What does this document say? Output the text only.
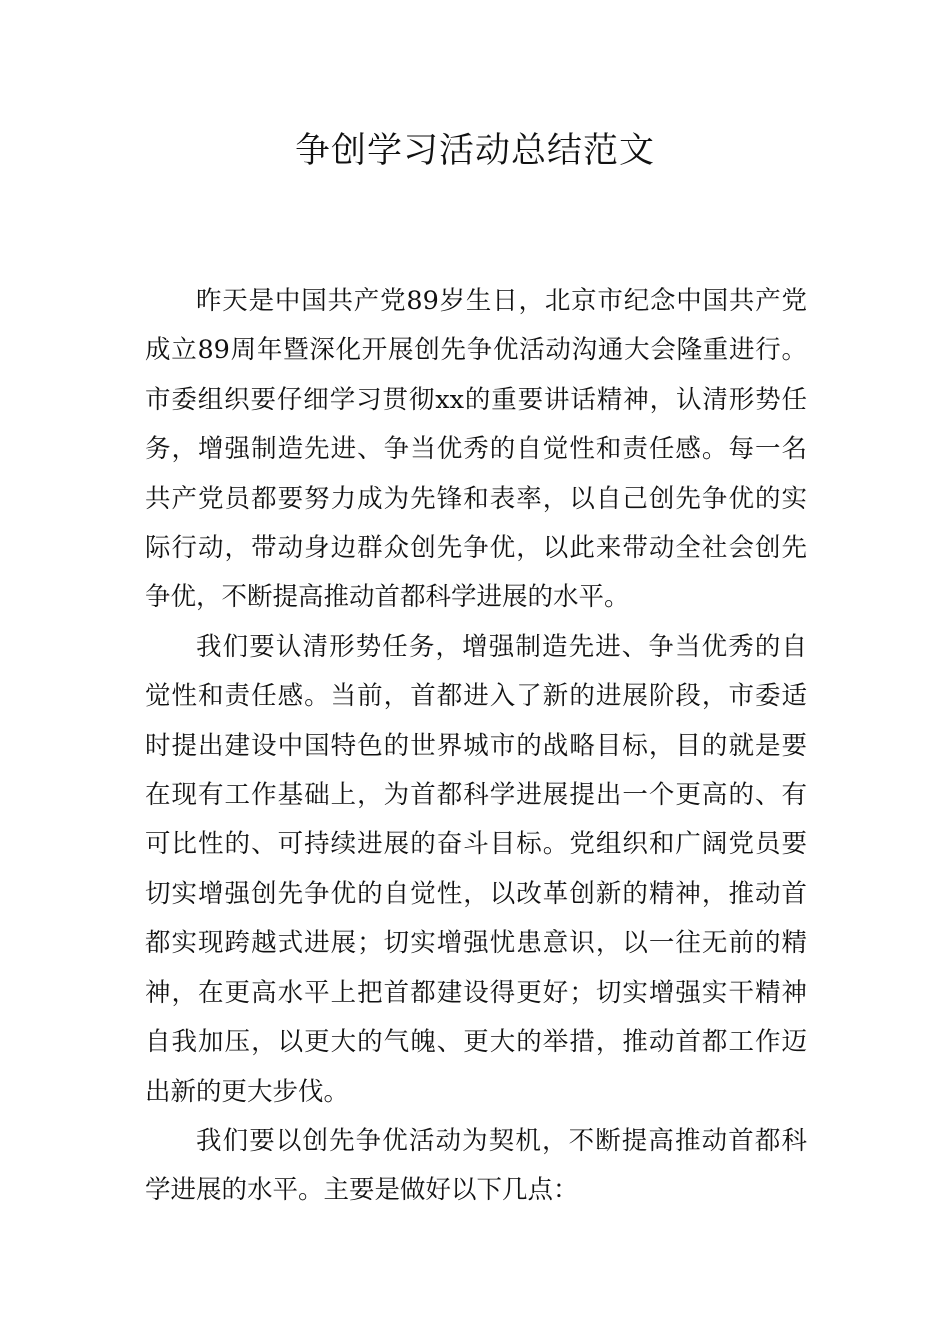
争创学习活动总结范文

昨天是中国共产党89岁生日，北京市纪念中国共产党成立89周年暨深化开展创先争优活动沟通大会隆重进行。市委组织要仔细学习贯彻xx的重要讲话精神，认清形势任务，增强制造先进、争当优秀的自觉性和责任感。每一名共产党员都要努力成为先锋和表率，以自己创先争优的实际行动，带动身边群众创先争优，以此来带动全社会创先争优，不断提高推动首都科学进展的水平。

我们要认清形势任务，增强制造先进、争当优秀的自觉性和责任感。当前，首都进入了新的进展阶段，市委适时提出建设中国特色的世界城市的战略目标，目的就是要在现有工作基础上，为首都科学进展提出一个更高的、有可比性的、可持续进展的奋斗目标。党组织和广阔党员要切实增强创先争优的自觉性，以改革创新的精神，推动首都实现跨越式进展；切实增强忧患意识，以一往无前的精神，在更高水平上把首都建设得更好；切实增强实干精神自我加压，以更大的气魄、更大的举措，推动首都工作迈出新的更大步伐。

我们要以创先争优活动为契机，不断提高推动首都科学进展的水平。主要是做好以下几点：
